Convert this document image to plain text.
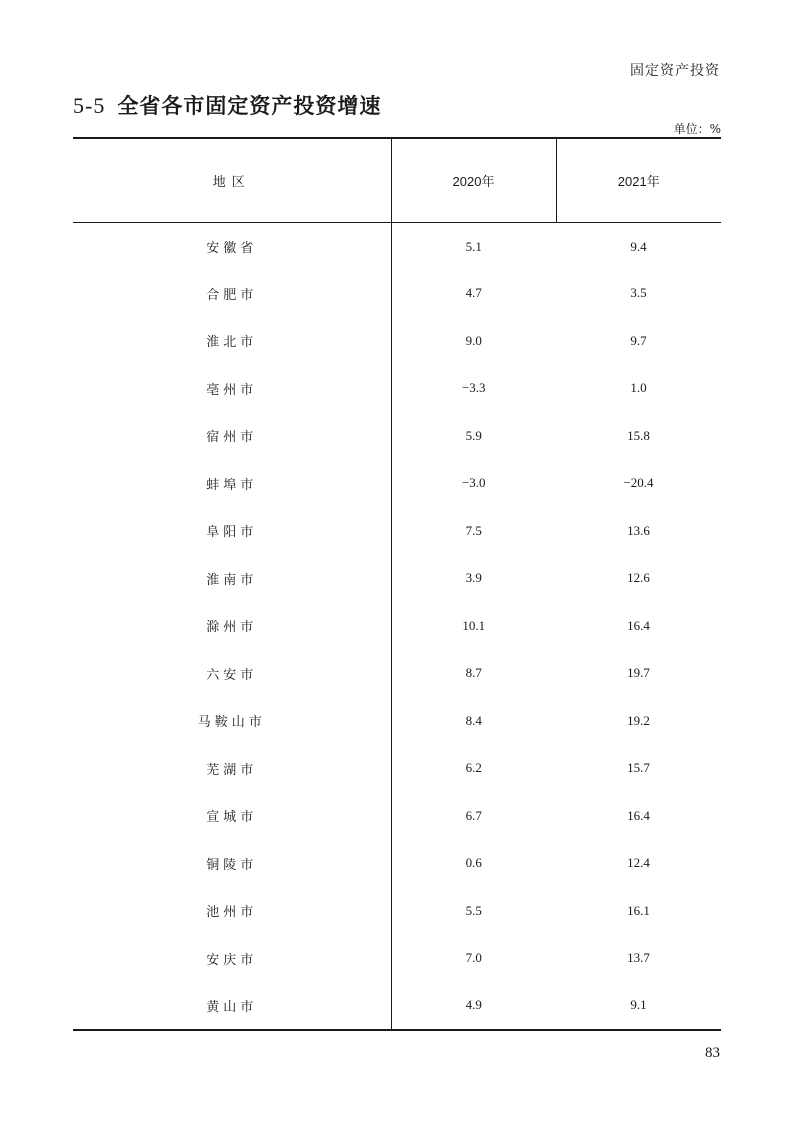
固定资产投资
5-5 全省各市固定资产投资增速
单位：%
地区	2020年	2021年
安徽省	5.1	9.4
合肥市	4.7	3.5
淮北市	9.0	9.7
亳州市	−3.3	1.0
宿州市	5.9	15.8
蚌埠市	−3.0	−20.4
阜阳市	7.5	13.6
淮南市	3.9	12.6
滁州市	10.1	16.4
六安市	8.7	19.7
马鞍山市	8.4	19.2
芜湖市	6.2	15.7
宣城市	6.7	16.4
铜陵市	0.6	12.4
池州市	5.5	16.1
安庆市	7.0	13.7
黄山市	4.9	9.1
83
